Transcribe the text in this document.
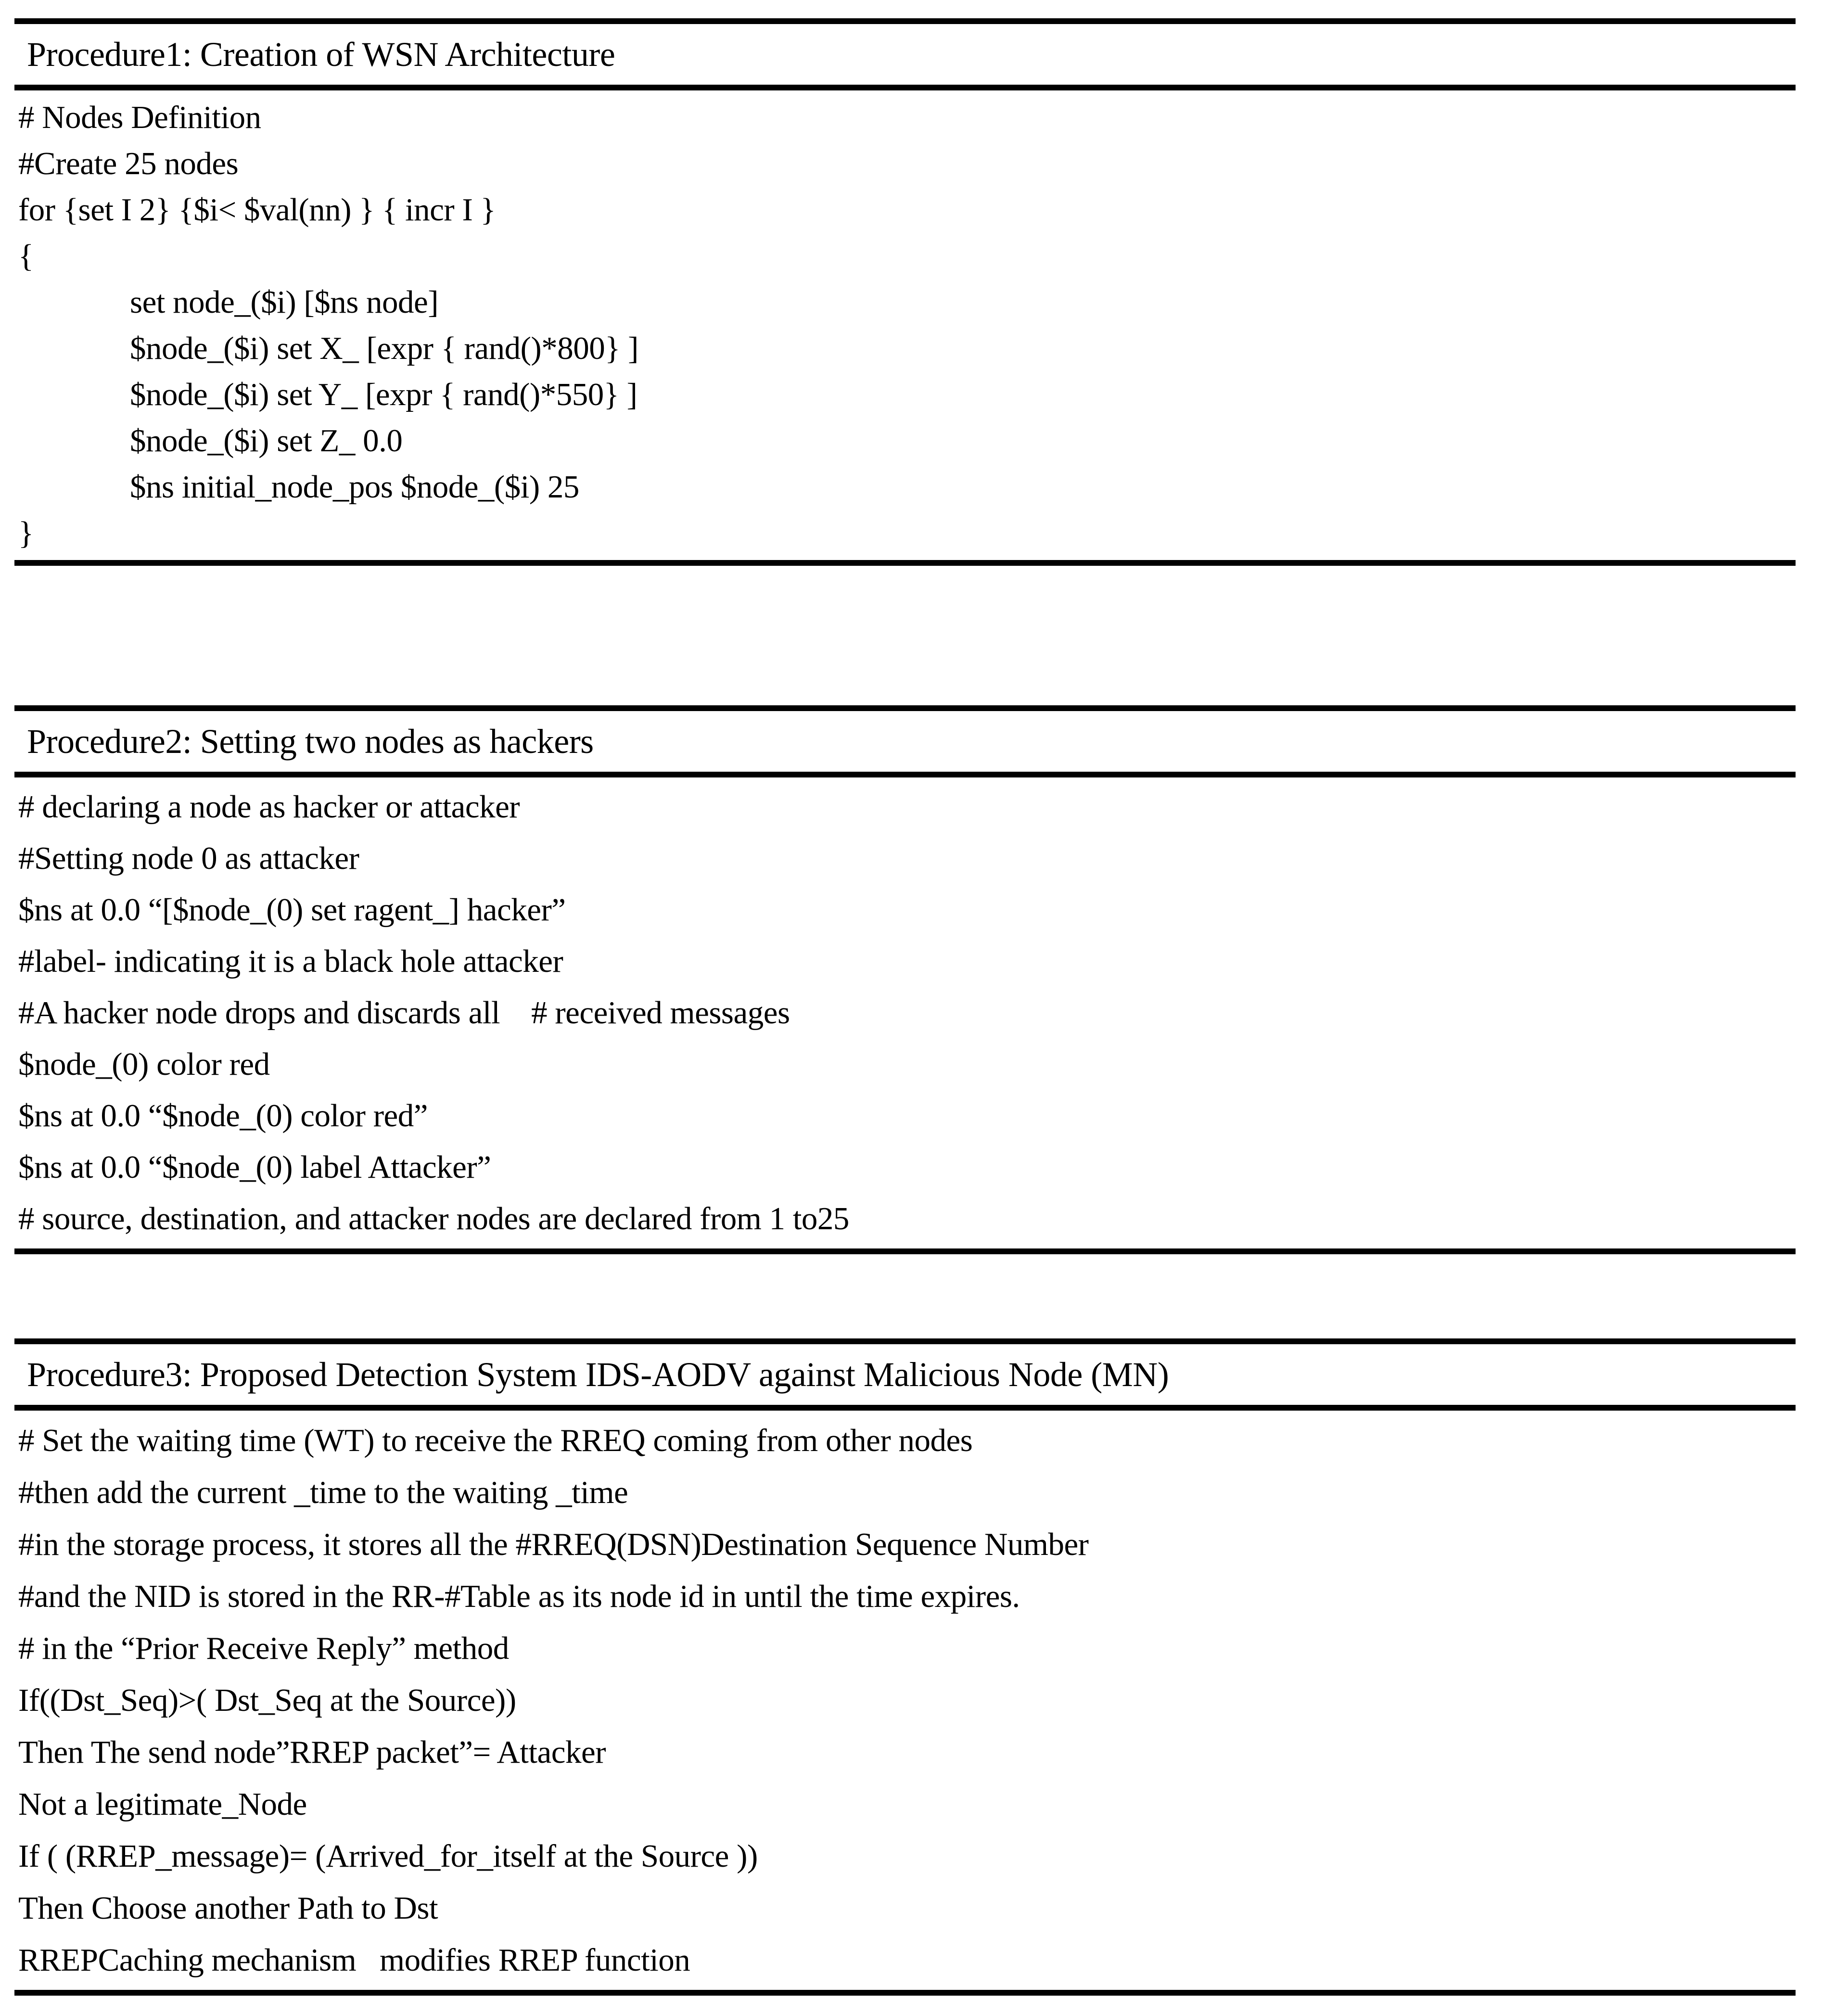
Procedure1: Creation of WSN Architecture
# Nodes Definition
#Create 25 nodes
for {set I 2} {$i< $val(nn) } { incr I }
{
set node_($i) [$ns node]
$node_($i) set X_ [expr { rand()*800} ]
$node_($i) set Y_ [expr { rand()*550} ]
$node_($i) set Z_ 0.0
$ns initial_node_pos $node_($i) 25
}
Procedure2: Setting two nodes as hackers
# declaring a node as hacker or attacker
#Setting node 0 as attacker
$ns at 0.0 “[$node_(0) set ragent_] hacker”
#label- indicating it is a black hole attacker
#A hacker node drops and discards all    # received messages
$node_(0) color red
$ns at 0.0 “$node_(0) color red”
$ns at 0.0 “$node_(0) label Attacker”
# source, destination, and attacker nodes are declared from 1 to25
Procedure3: Proposed Detection System IDS-AODV against Malicious Node (MN)
# Set the waiting time (WT) to receive the RREQ coming from other nodes
#then add the current _time to the waiting _time
#in the storage process, it stores all the #RREQ(DSN)Destination Sequence Number
#and the NID is stored in the RR-#Table as its node id in until the time expires.
# in the “Prior Receive Reply” method
If((Dst_Seq)>( Dst_Seq at the Source))
Then The send node”RREP packet”= Attacker
Not a legitimate_Node
If ( (RREP_message)= (Arrived_for_itself at the Source ))
Then Choose another Path to Dst
RREPCaching mechanism   modifies RREP function
